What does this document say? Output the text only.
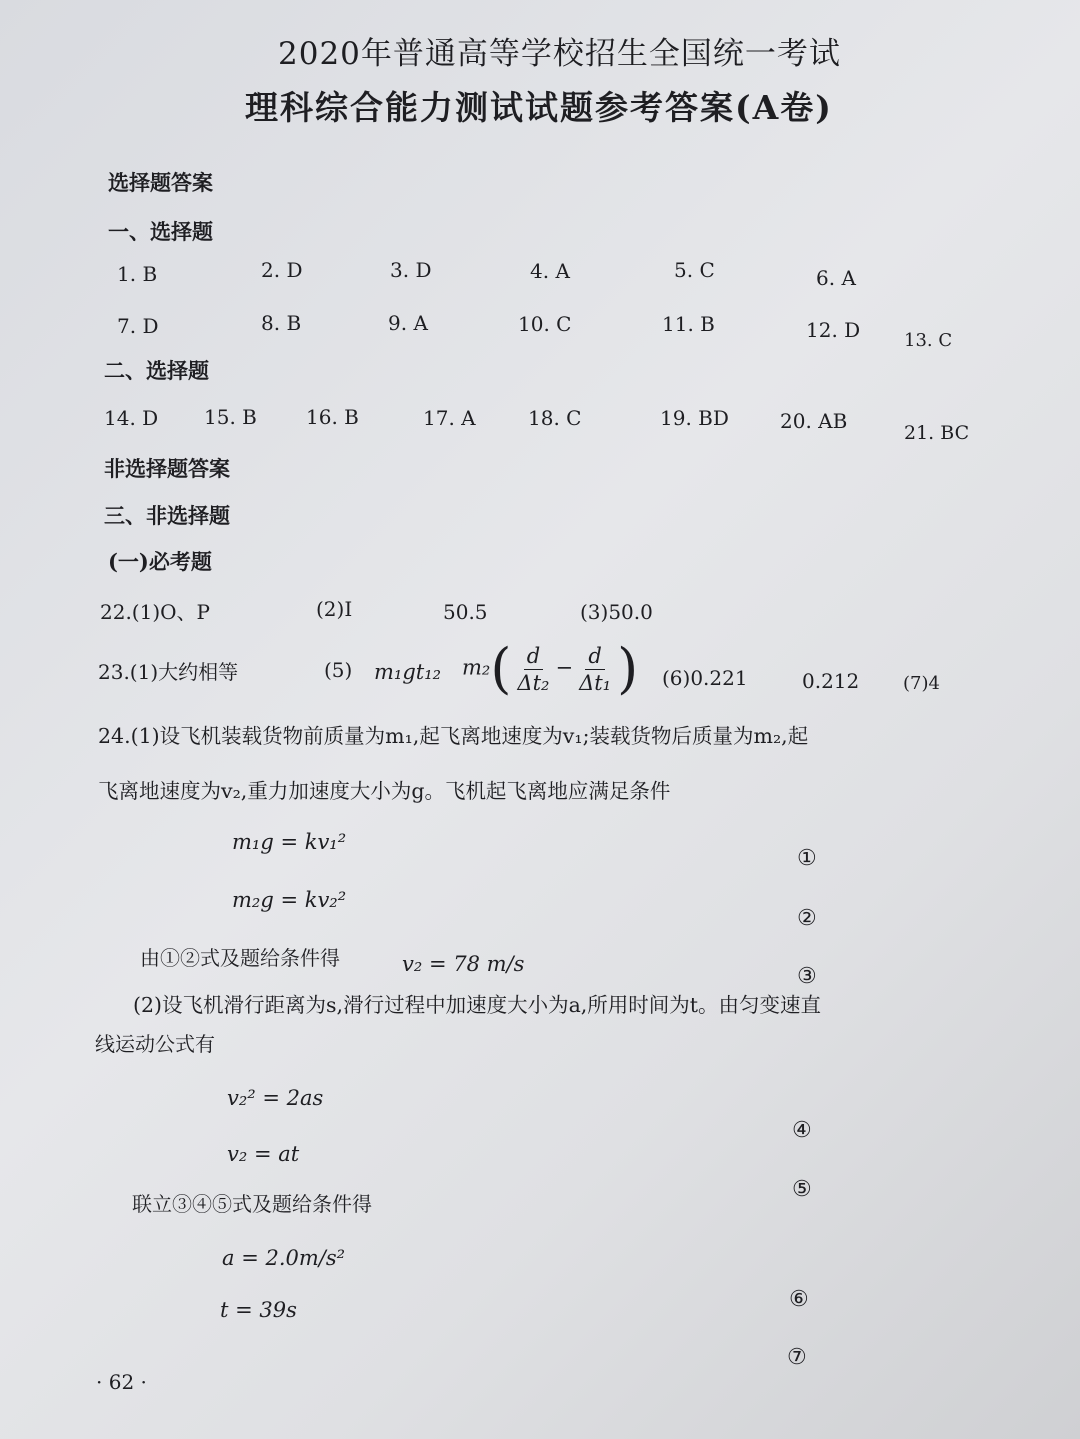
2020年普通高等学校招生全国统一考试
理科综合能力测试试题参考答案(A卷)
选择题答案
一、选择题
1. B	2. D	3. D	4. A	5. C	6. A
7. D	8. B	9. A	10. C	11. B	12. D 13. C
二、选择题
14. D 15. B 16. B	17. A	18. C	19. BD	20. AB	21. BC
非选择题答案
三、非选择题
(一)必考题
22.(1)O、P	(2)I	50.5	(3)50.0
23.(1)大约相等	(5) m₁gt₁₂ $m_2( \frac{d}{\text{Δt₂}} - \frac{d}{\text{Δt₁}}$ ) (6)0.221	0.212 (7)4
24.(1)设飞机装载货物前质量为m₁,起飞离地速度为v₁;装载货物后质量为m₂,起
飞离地速度为v₂,重力加速度大小为g。飞机起飞离地应满足条件
m₁g = kv₁²
①
m₂g = kv₂²
②
由①②式及题给条件得	v₂ = 78 m/s	③
(2)设飞机滑行距离为s,滑行过程中加速度大小为a,所用时间为t。由匀变速直
线运动公式有
v₂² = 2as
④
v₂ = at
⑤
联立③④⑤式及题给条件得
a = 2.0m/s²
⑥
t = 39s
⑦
· 62 ·
